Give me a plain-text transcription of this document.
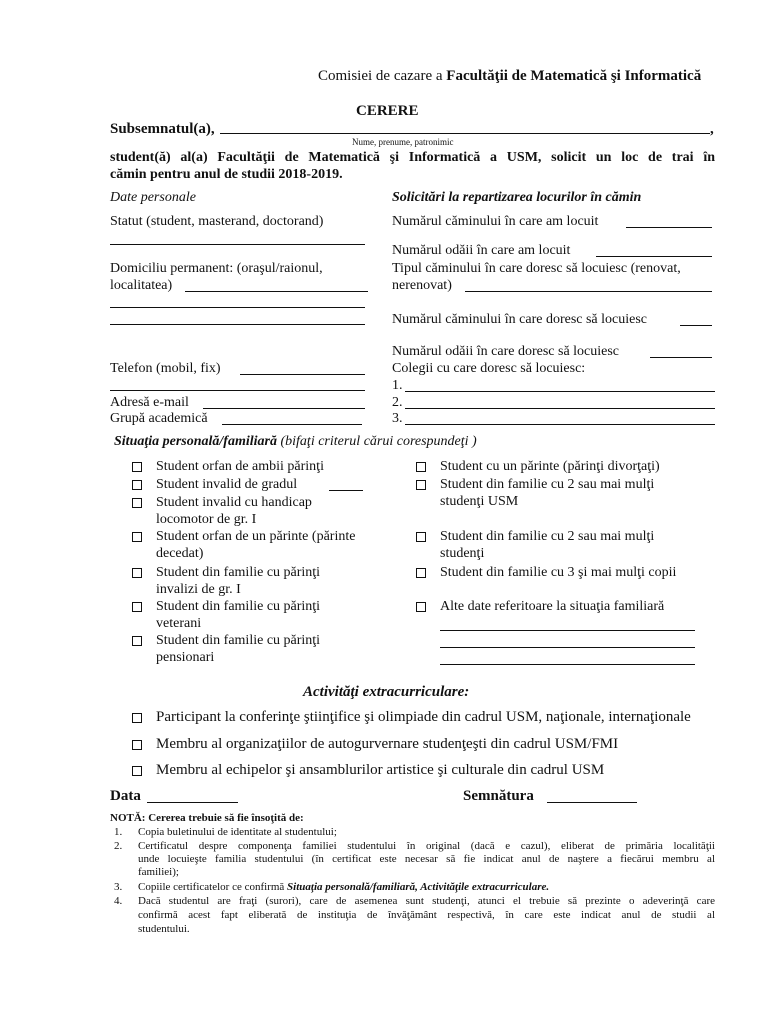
Comisiei de cazare a Facultăţii de Matematică şi Informatică
CERERE
Subsemnatul(a),	,
Nume, prenume, patronimic
student(ă) al(a) Facultăţii de Matematică şi Informatică a USM, solicit un loc de trai în
cămin pentru anul de studii 2018-2019.
Date personale
Statut (student, masterand, doctorand)
Domiciliu permanent: (oraşul/raionul,
localitatea)
Telefon (mobil, fix)
Adresă e-mail
Grupă academică
Solicitări la repartizarea locurilor în cămin
Numărul căminului în care am locuit
Numărul odăii în care am locuit
Tipul căminului în care doresc să locuiesc (renovat,
nerenovat)
Numărul căminului în care doresc să locuiesc
Numărul odăii în care doresc să locuiesc
Colegii cu care doresc să locuiesc:
1.
2.
3.
Situaţia personală/familiară (bifaţi criterul cărui corespundeţi )
Student orfan de ambii părinţi
Student invalid de gradul
Student invalid cu handicap
locomotor de gr. I
Student orfan de un părinte (părinte
decedat)
Student din familie cu părinţi
invalizi de gr. I
Student din familie cu părinţi
veterani
Student din familie cu părinţi
pensionari
Student cu un părinte (părinţi divorţaţi)
Student din familie cu 2 sau mai mulţi
studenţi USM
Student din familie cu 2 sau mai mulţi
studenţi
Student din familie cu 3 şi mai mulţi copii
Alte date referitoare la situaţia familiară
Activităţi extracurriculare:
Participant la conferinţe ştiinţifice şi olimpiade din cadrul USM, naţionale, internaţionale
Membru al organizaţiilor de autogurvernare studenţeşti din cadrul USM/FMI
Membru al echipelor şi ansamblurilor artistice şi culturale din cadrul USM
Data	Semnătura
NOTĂ: Cererea trebuie să fie însoţită de:
1. Copia buletinului de identitate al studentului;
2. Certificatul despre componenţa familiei studentului în original (dacă e cazul), eliberat de primăria localităţii
unde locuieşte familia studentului (în certificat este necesar să fie indicat anul de naştere a fiecărui membru al
familiei);
3. Copiile certificatelor ce confirmă Situaţia personală/familiară, Activităţile extracurriculare.
4. Dacă studentul are fraţi (surori), care de asemenea sunt studenţi, atunci el trebuie să prezinte o adeverinţă care
confirmă acest fapt eliberată de instituţia de învăţământ respectivă, în care este indicat anul de studii al
studentului.
